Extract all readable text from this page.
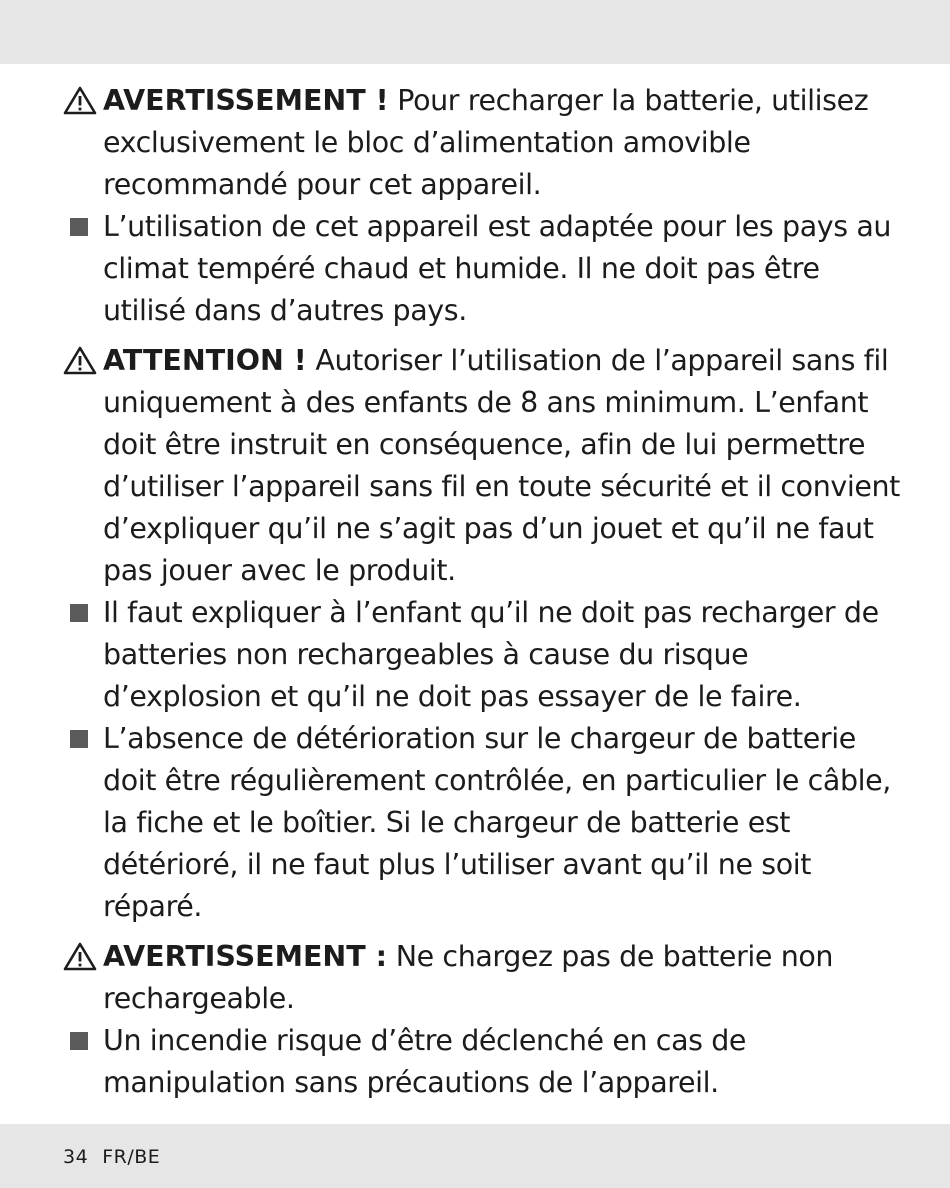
AVERTISSEMENT ! Pour recharger la batterie, utilisez exclusivement le bloc d’alimentation amovible recommandé pour cet appareil.
L’utilisation de cet appareil est adaptée pour les pays au climat tempéré chaud et humide. Il ne doit pas être utilisé dans d’autres pays.
ATTENTION ! Autoriser l’utilisation de l’appareil sans fil uniquement à des enfants de 8 ans minimum. L’enfant doit être instruit en conséquence, afin de lui permettre d’utiliser l’appareil sans fil en toute sécurité et il convient d’expliquer qu’il ne s’agit pas d’un jouet et qu’il ne faut pas jouer avec le produit.
Il faut expliquer à l’enfant qu’il ne doit pas recharger de batteries non rechargeables à cause du risque d’explosion et qu’il ne doit pas essayer de le faire.
L’absence de détérioration sur le chargeur de batterie doit être régulièrement contrôlée, en particulier le câble, la fiche et le boîtier. Si le chargeur de batterie est détérioré, il ne faut plus l’utiliser avant qu’il ne soit réparé.
AVERTISSEMENT : Ne chargez pas de batterie non rechargeable.
Un incendie risque d’être déclenché en cas de manipulation sans précautions de l’appareil.
34 FR/BE
